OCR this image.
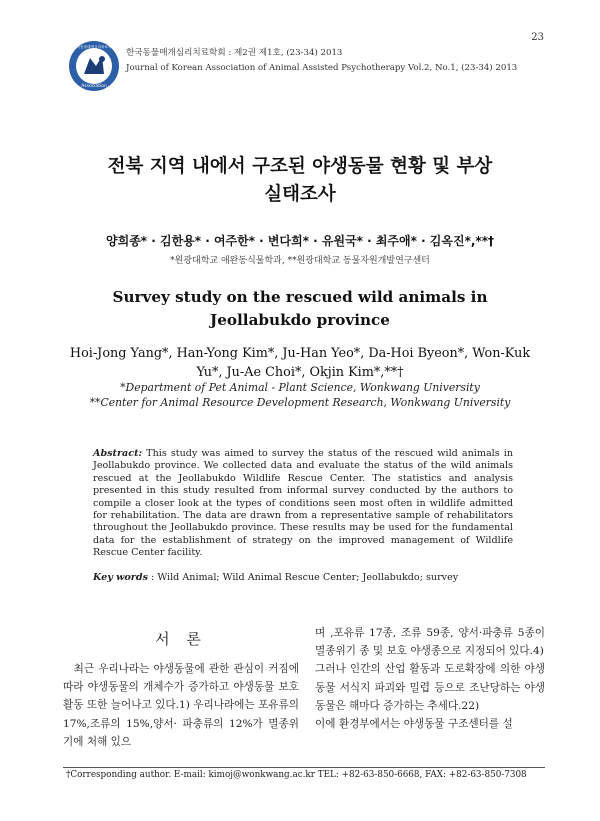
23
Association
한국동물매개심리치료학회
한국동물매개심리치료학회 : 제2권 제1호, (23-34) 2013
Journal of Korean Association of Animal Assisted Psychotherapy Vol.2, No.1, (23-34) 2013
전북 지역 내에서 구조된 야생동물 현황 및 부상
실태조사
양희종* · 김한용* · 여주한* · 변다희* · 유원국* · 최주애* · 김옥진*,**†
*원광대학교 애완동식물학과, **원광대학교 동물자원개발연구센터
Survey study on the rescued wild animals in Jeollabukdo province
Hoi-Jong Yang*, Han-Yong Kim*, Ju-Han Yeo*, Da-Hoi Byeon*, Won-Kuk
Yu*, Ju-Ae Choi*, Okjin Kim*,**†
*Department of Pet Animal - Plant Science, Wonkwang University
**Center for Animal Resource Development Research, Wonkwang University
Abstract: This study was aimed to survey the status of the rescued wild animals in Jeollabukdo province. We collected data and evaluate the status of the wild animals rescued at the Jeollabukdo Wildlife Rescue Center. The statistics and analysis presented in this study resulted from informal survey conducted by the authors to compile a closer look at the types of conditions seen most often in wildlife admitted for rehabilitation. The data are drawn from a representative sample of rehabilitators throughout the Jeollabukdo province. These results may be used for the fundamental data for the establishment of strategy on the improved management of Wildlife Rescue Center facility.
Key words : Wild Animal; Wild Animal Rescue Center; Jeollabukdo; survey
서 론
최근 우리나라는 야생동물에 관한 관심이 커짐에 따라 야생동물의 개체수가 증가하고 야생동물 보호활동 또한 늘어나고 있다.1) 우리나라에는 포유류의 17%,조류의 15%,양서· 파충류의 12%가 멸종위기에 처해 있으

며 ,포유류 17종, 조류 59종, 양서·파충류 5종이 멸종위기 종 및 보호 야생종으로 지정되어 있다.4)

그러나 인간의 산업 활동과 도로확장에 의한 야생동물 서식지 파괴와 밀렵 등으로 조난당하는 야생동물은 해마다 증가하는 추세다.22)

이에 환경부에서는 야생동물 구조센터를 설

†Corresponding author. E-mail: kimoj@wonkwang.ac.kr TEL: +82-63-850-6668, FAX: +82-63-850-7308
